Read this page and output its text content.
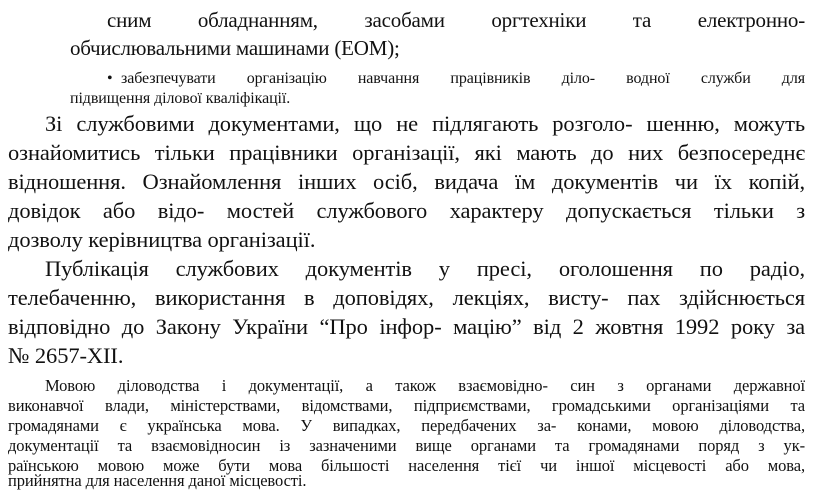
сним обладнанням, засобами оргтехніки та електронно-
обчислювальними машинами (ЕОМ);
• забезпечувати організацію навчання працівників діло- водної служби для
підвищення ділової кваліфікації.
Зі службовими документами, що не підлягають розголо- шенню, можуть
ознайомитись тільки працівники організації, які мають до них безпосереднє
відношення. Ознайомлення інших осіб, видача їм документів чи їх копій,
довідок або відо- мостей службового характеру допускається тільки з
дозволу керівництва організації.
Публікація службових документів у пресі, оголошення по радіо,
телебаченню, використання в доповідях, лекціях, висту- пах здійснюється
відповідно до Закону України “Про інфор- мацію” від 2 жовтня 1992 року за
№ 2657-XII.
Мовою діловодства і документації, а також взаємовідно- син з органами державної
виконавчої влади, міністерствами, відомствами, підприємствами, громадськими організаціями та
громадянами є українська мова. У випадках, передбачених за- конами, мовою діловодства,
документації та взаємовідносин із зазначеними вище органами та громадянами поряд з ук-
раїнською мовою може бути мова більшості населення тієї чи іншої місцевості або мова,
прийнятна для населення даної місцевості.
